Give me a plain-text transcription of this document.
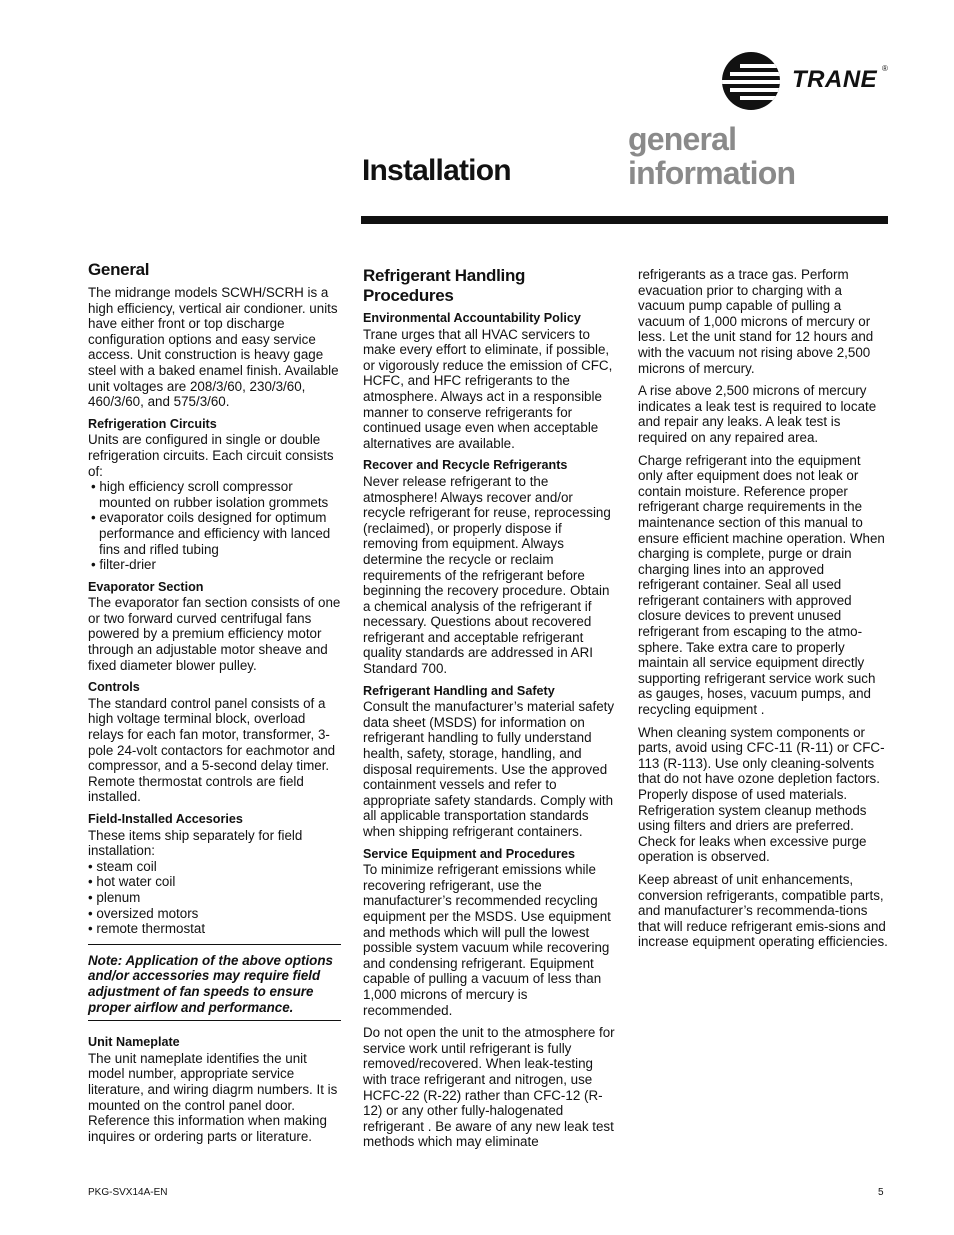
TRANE ®
Installation
general
information
General

The midrange models SCWH/SCRH is a high efficiency, vertical air condioner. units have either front or top discharge configuration options and easy service access. Unit construction is heavy gage steel with a baked enamel finish. Available unit voltages are 208/3/60, 230/3/60, 460/3/60, and 575/3/60.

Refrigeration Circuits

Units are configured in single or double refrigeration circuits. Each circuit consists of:

• high efficiency scroll compressor mounted on rubber isolation grommets
• evaporator coils designed for optimum performance and efficiency with lanced fins and rifled tubing
• filter-drier
Evaporator Section

The evaporator fan section consists of one or two forward curved centrifugal fans powered by a premium efficiency motor through an adjustable motor sheave and fixed diameter blower pulley.

Controls

The standard control panel consists of a high voltage terminal block, overload relays for each fan motor, transformer, 3-pole 24-volt contactors for eachmotor and compressor, and a 5-second delay timer. Remote thermostat controls are field installed.

Field-Installed Accesories

These items ship separately for field installation:

• steam coil
• hot water coil
• plenum
• oversized motors
• remote thermostat

Note: Application of the above options and/or accessories may require field adjustment of fan speeds to ensure proper airflow and performance.

Unit Nameplate

The unit nameplate identifies the unit model number, appropriate service literature, and wiring diagrm numbers. It is mounted on the control panel door. Reference this information when making inquires or ordering parts or literature.

Refrigerant Handling Procedures
Environmental Accountability Policy

Trane urges that all HVAC servicers to make every effort to eliminate, if possible, or vigorously reduce the emission of CFC, HCFC, and HFC refrigerants to the atmosphere. Always act in a responsible manner to conserve refrigerants for continued usage even when acceptable alternatives are available.

Recover and Recycle Refrigerants

Never release refrigerant to the atmosphere! Always recover and/or recycle refrigerant for reuse, reprocessing (reclaimed), or properly dispose if removing from equipment. Always determine the recycle or reclaim requirements of the refrigerant before beginning the recovery procedure. Obtain a chemical analysis of the refrigerant if necessary. Questions about recovered refrigerant and acceptable refrigerant quality standards are addressed in ARI Standard 700.

Refrigerant Handling and Safety

Consult the manufacturer’s material safety data sheet (MSDS) for information on refrigerant handling to fully understand health, safety, storage, handling, and disposal requirements. Use the approved containment vessels and refer to appropriate safety standards. Comply with all applicable transportation standards when shipping refrigerant containers.

Service Equipment and Procedures

To minimize refrigerant emissions while recovering refrigerant, use the manufacturer’s recommended recycling equipment per the MSDS. Use equipment and methods which will pull the lowest possible system vacuum while recovering and condensing refrigerant. Equipment capable of pulling a vacuum of less than 1,000 microns of mercury is recommended.

Do not open the unit to the atmosphere for service work until refrigerant is fully removed/recovered. When leak-testing with trace refrigerant and nitrogen, use HCFC-22 (R-22) rather than CFC-12 (R-12) or any other fully-halogenated refrigerant . Be aware of any new leak test methods which may eliminate

refrigerants as a trace gas. Perform evacuation prior to charging with a vacuum pump capable of pulling a vacuum of 1,000 microns of mercury or less. Let the unit stand for 12 hours and with the vacuum not rising above 2,500 microns of mercury.

A rise above 2,500 microns of mercury indicates a leak test is required to locate and repair any leaks. A leak test is required on any repaired area.

Charge refrigerant into the equipment only after equipment does not leak or contain moisture. Reference proper refrigerant charge requirements in the maintenance section of this manual to ensure efficient machine operation. When charging is complete, purge or drain charging lines into an approved refrigerant container. Seal all used refrigerant containers with approved closure devices to prevent unused refrigerant from escaping to the atmo-sphere. Take extra care to properly maintain all service equipment directly supporting refrigerant service work such as gauges, hoses, vacuum pumps, and recycling equipment .

When cleaning system components or parts, avoid using CFC-11 (R-11) or CFC-113 (R-113). Use only cleaning-solvents that do not have ozone depletion factors. Properly dispose of used materials. Refrigeration system cleanup methods using filters and driers are preferred. Check for leaks when excessive purge operation is observed.

Keep abreast of unit enhancements, conversion refrigerants, compatible parts, and manufacturer’s recommenda-tions that will reduce refrigerant emis-sions and increase equipment operating efficiencies.

PKG-SVX14A-EN	5
